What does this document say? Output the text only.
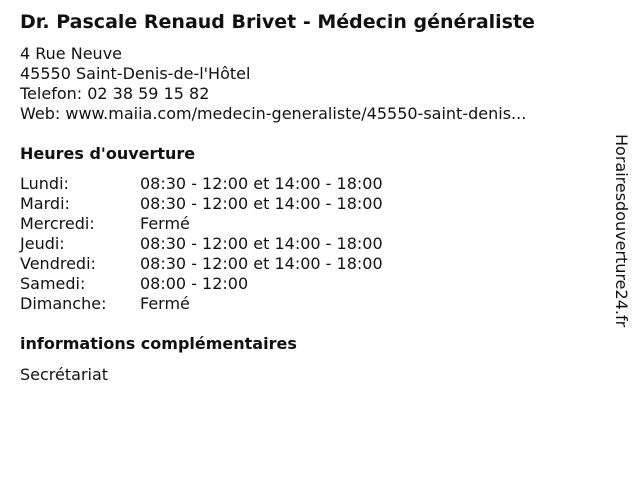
Dr. Pascale Renaud Brivet - Médecin généraliste
4 Rue Neuve
45550 Saint-Denis-de-l'Hôtel
Telefon: 02 38 59 15 82
Web: www.maiia.com/medecin-generaliste/45550-saint-denis...
Heures d'ouverture
Lundi:	08:30 - 12:00 et 14:00 - 18:00
Mardi:	08:30 - 12:00 et 14:00 - 18:00
Mercredi:	Fermé
Jeudi:	08:30 - 12:00 et 14:00 - 18:00
Vendredi:	08:30 - 12:00 et 14:00 - 18:00
Samedi:	08:00 - 12:00
Dimanche:	Fermé
informations complémentaires
Secrétariat
Horairesdouverture24.fr
